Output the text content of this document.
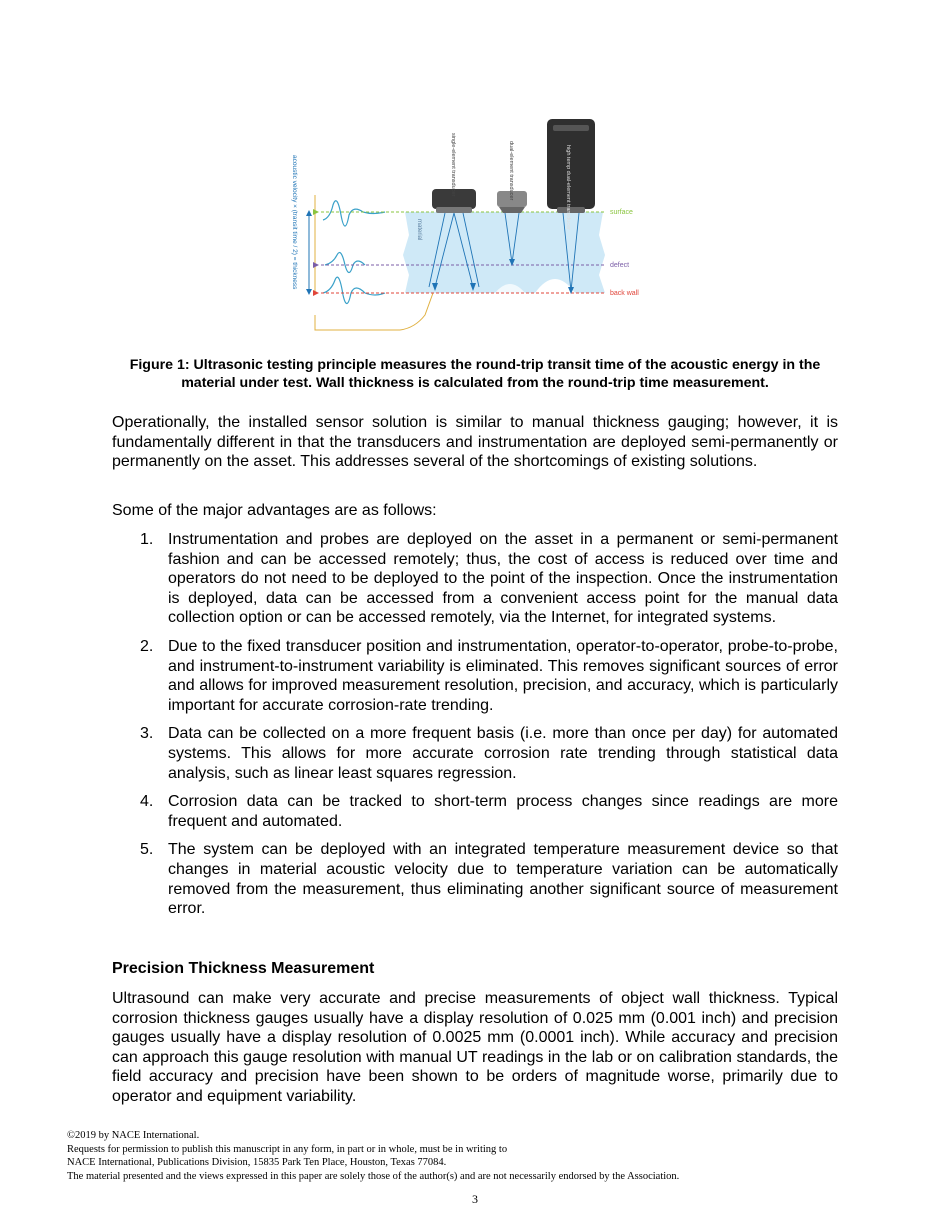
acoustic velocity × (transit time / 2) = thickness	material
surface
defect
back wall
single-element transducer	dual-element transducer	high temp dual-element transducer
Figure 1: Ultrasonic testing principle measures the round-trip transit time of the acoustic energy in the material under test. Wall thickness is calculated from the round-trip time measurement.

Operationally, the installed sensor solution is similar to manual thickness gauging; however, it is fundamentally different in that the transducers and instrumentation are deployed semi-permanently or permanently on the asset. This addresses several of the shortcomings of existing solutions.

Some of the major advantages are as follows:

1. Instrumentation and probes are deployed on the asset in a permanent or semi-permanent fashion and can be accessed remotely; thus, the cost of access is reduced over time and operators do not need to be deployed to the point of the inspection. Once the instrumentation is deployed, data can be accessed from a convenient access point for the manual data collection option or can be accessed remotely, via the Internet, for integrated systems.
2. Due to the fixed transducer position and instrumentation, operator-to-operator, probe-to-probe, and instrument-to-instrument variability is eliminated. This removes significant sources of error and allows for improved measurement resolution, precision, and accuracy, which is particularly important for accurate corrosion-rate trending.
3. Data can be collected on a more frequent basis (i.e. more than once per day) for automated systems. This allows for more accurate corrosion rate trending through statistical data analysis, such as linear least squares regression.
4. Corrosion data can be tracked to short-term process changes since readings are more frequent and automated.
5. The system can be deployed with an integrated temperature measurement device so that changes in material acoustic velocity due to temperature variation can be automatically removed from the measurement, thus eliminating another significant source of measurement error.
Precision Thickness Measurement

Ultrasound can make very accurate and precise measurements of object wall thickness. Typical corrosion thickness gauges usually have a display resolution of 0.025 mm (0.001 inch) and precision gauges usually have a display resolution of 0.0025 mm (0.0001 inch). While accuracy and precision can approach this gauge resolution with manual UT readings in the lab or on calibration standards, the field accuracy and precision have been shown to be orders of magnitude worse, primarily due to operator and equipment variability.

©2019 by NACE International.
Requests for permission to publish this manuscript in any form, in part or in whole, must be in writing to
NACE International, Publications Division, 15835 Park Ten Place, Houston, Texas 77084.
The material presented and the views expressed in this paper are solely those of the author(s) and are not necessarily endorsed by the Association.
3
